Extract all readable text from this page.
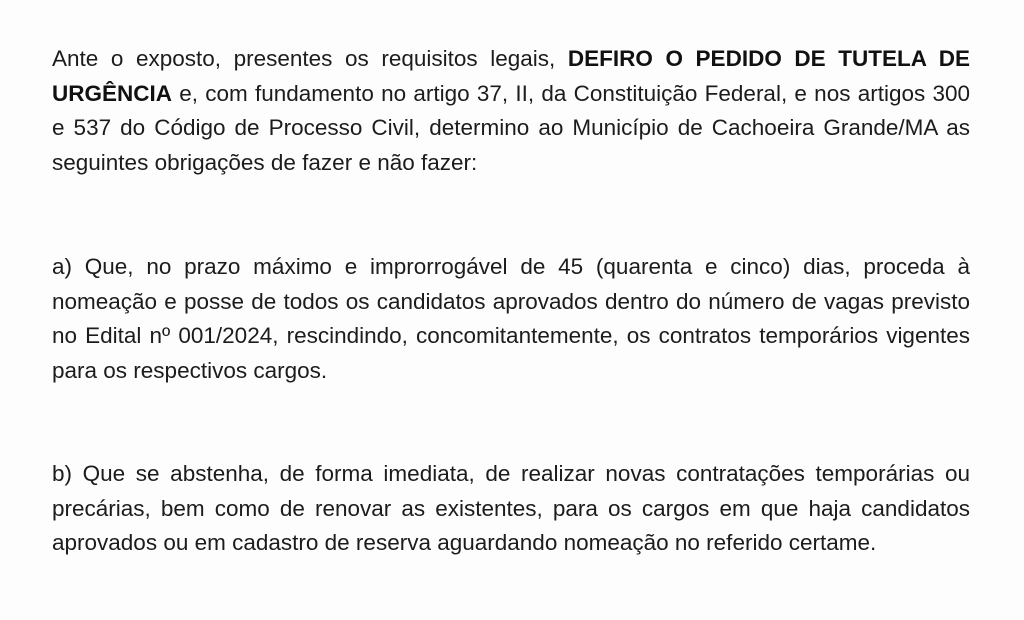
Ante o exposto, presentes os requisitos legais, DEFIRO O PEDIDO DE TUTELA DE URGÊNCIA e, com fundamento no artigo 37, II, da Constituição Federal, e nos artigos 300 e 537 do Código de Processo Civil, determino ao Município de Cachoeira Grande/MA as seguintes obrigações de fazer e não fazer:

a) Que, no prazo máximo e improrrogável de 45 (quarenta e cinco) dias, proceda à nomeação e posse de todos os candidatos aprovados dentro do número de vagas previsto no Edital nº 001/2024, rescindindo, concomitantemente, os contratos temporários vigentes para os respectivos cargos.

b) Que se abstenha, de forma imediata, de realizar novas contratações temporárias ou precárias, bem como de renovar as existentes, para os cargos em que haja candidatos aprovados ou em cadastro de reserva aguardando nomeação no referido certame.
